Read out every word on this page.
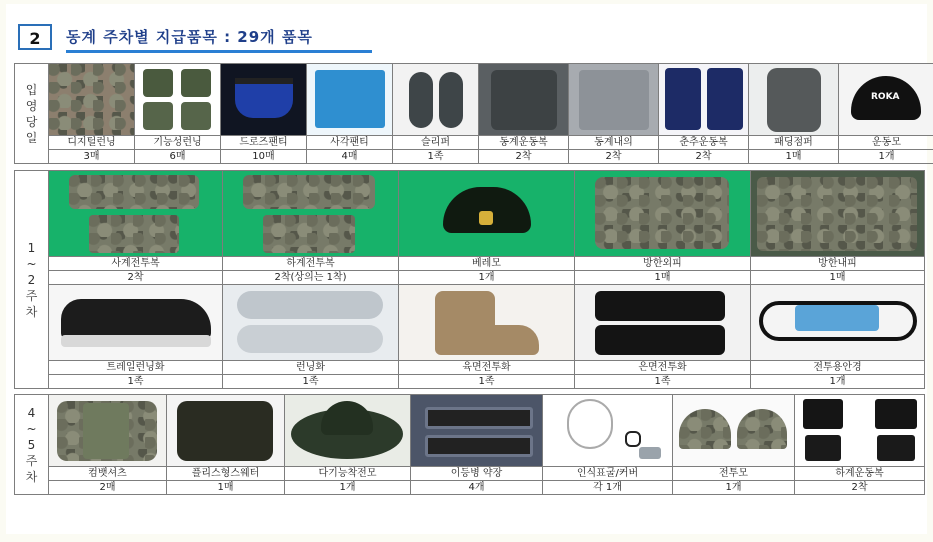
2	동계 주차별 지급품목 : 29개 품목
입
영
당
일										ROKA

	디지털런닝	기능성런닝	드로즈팬티	사각팬티	슬리퍼	동계운동복	동계내의	춘추운동복	패딩점퍼	운동모
	3매	6매	10매	4매	1족	2착	2착	2착	1매	1개
1
~
2
주
차					

	사계전투복	하계전투복	베레모	방한외피	방한내피
	2착	2착(상의는 1착)	1개	1매	1매

	트레일런닝화	런닝화	육면전투화	은면전투화	전투용안경
	1족	1족	1족	1족	1개
4
~
5
주
차							

	컴뱃셔츠	플리스형스웨터	다기능착전모	이등병 약장	인식표굴/커버	전투모	하계운동복
	2매	1매	1개	4개	각 1개	1개	2착
